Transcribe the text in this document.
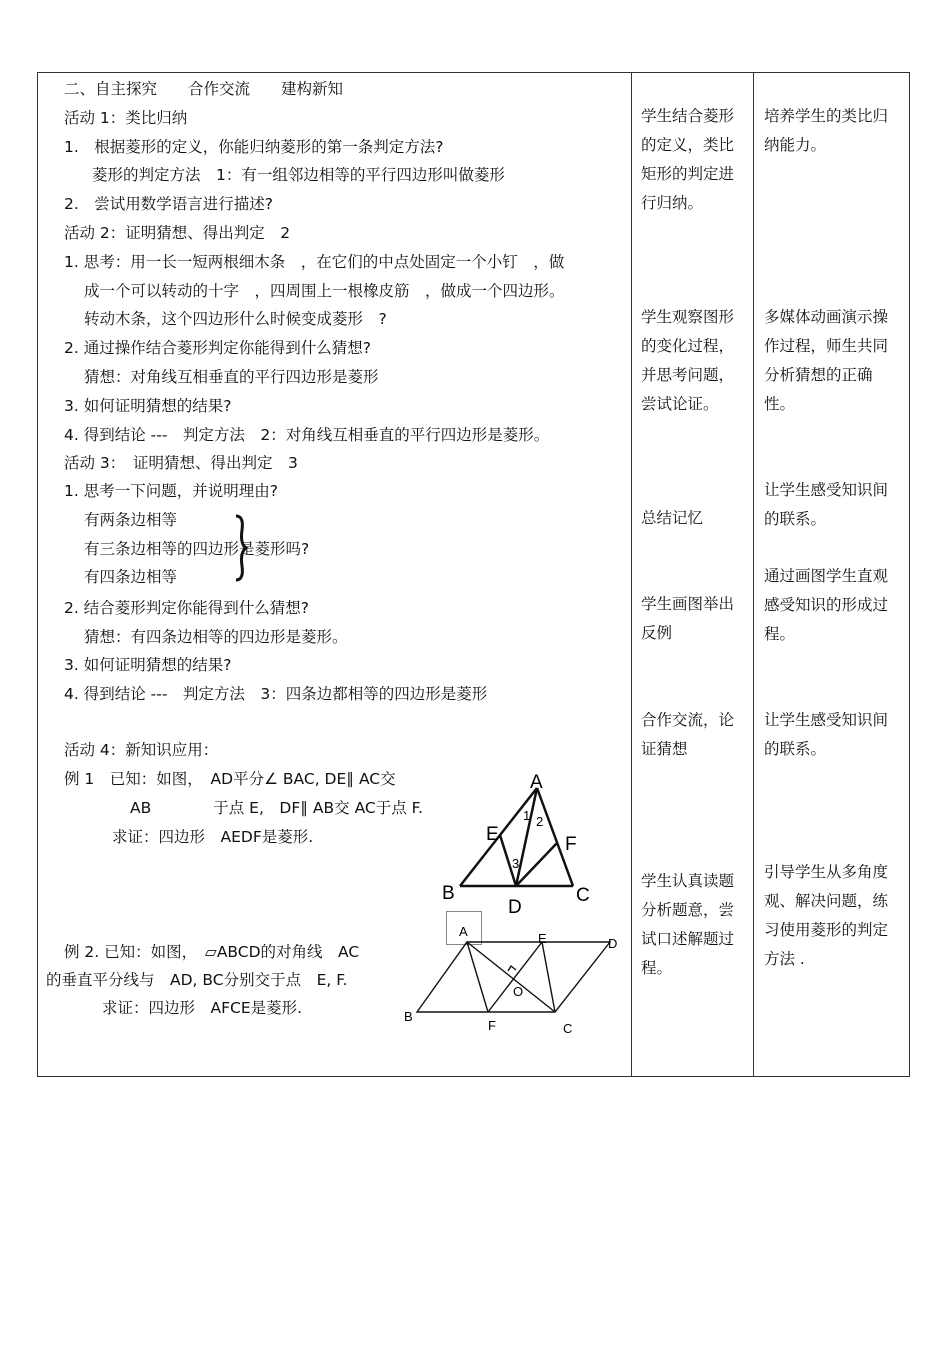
二、自主探究　　合作交流　　建构新知
活动 1：类比归纳
1.　根据菱形的定义，你能归纳菱形的第一条判定方法?
菱形的判定方法　1：有一组邻边相等的平行四边形叫做菱形
2.　尝试用数学语言进行描述?
活动 2：证明猜想、得出判定　2
1. 思考：用一长一短两根细木条　，在它们的中点处固定一个小钉　，做
成一个可以转动的十字　，四周围上一根橡皮筋　，做成一个四边形。
转动木条，这个四边形什么时候变成菱形　?
2. 通过操作结合菱形判定你能得到什么猜想?
猜想：对角线互相垂直的平行四边形是菱形
3. 如何证明猜想的结果?
4. 得到结论 ---　判定方法　2：对角线互相垂直的平行四边形是菱形。
活动 3：　证明猜想、得出判定　3
1. 思考一下问题，并说明理由?
有两条边相等
有三条边相等的四边形是菱形吗?
有四条边相等
2. 结合菱形判定你能得到什么猜想?
猜想：有四条边相等的四边形是菱形。
3. 如何证明猜想的结果?
4. 得到结论 ---　判定方法　3：四条边都相等的四边形是菱形
活动 4：新知识应用：
例 1　已知：如图，　AD平分∠ BAC, DE∥ AC交
AB　　　　于点 E,　DF∥ AB交 AC于点 F.
求证：四边形　AEDF是菱形.
例 2. 已知：如图，　▱ABCD的对角线　AC
的垂直平分线与　AD, BC分别交于点　E, F.
求证：四边形　AFCE是菱形.
A
B	C
D
E	F
1 2
3
A
B
C
D
E
F
O
学生结合菱形的定义，类比矩形的判定进行归纳。
学生观察图形的变化过程，并思考问题，尝试论证。
总结记忆
学生画图举出反例
合作交流，论证猜想
学生认真读题分析题意，尝试口述解题过程。
培养学生的类比归纳能力。
多媒体动画演示操作过程，师生共同分析猜想的正确性。
让学生感受知识间的联系。
通过画图学生直观感受知识的形成过程。
让学生感受知识间的联系。
引导学生从多角度观、解决问题，练习使用菱形的判定方法 .
